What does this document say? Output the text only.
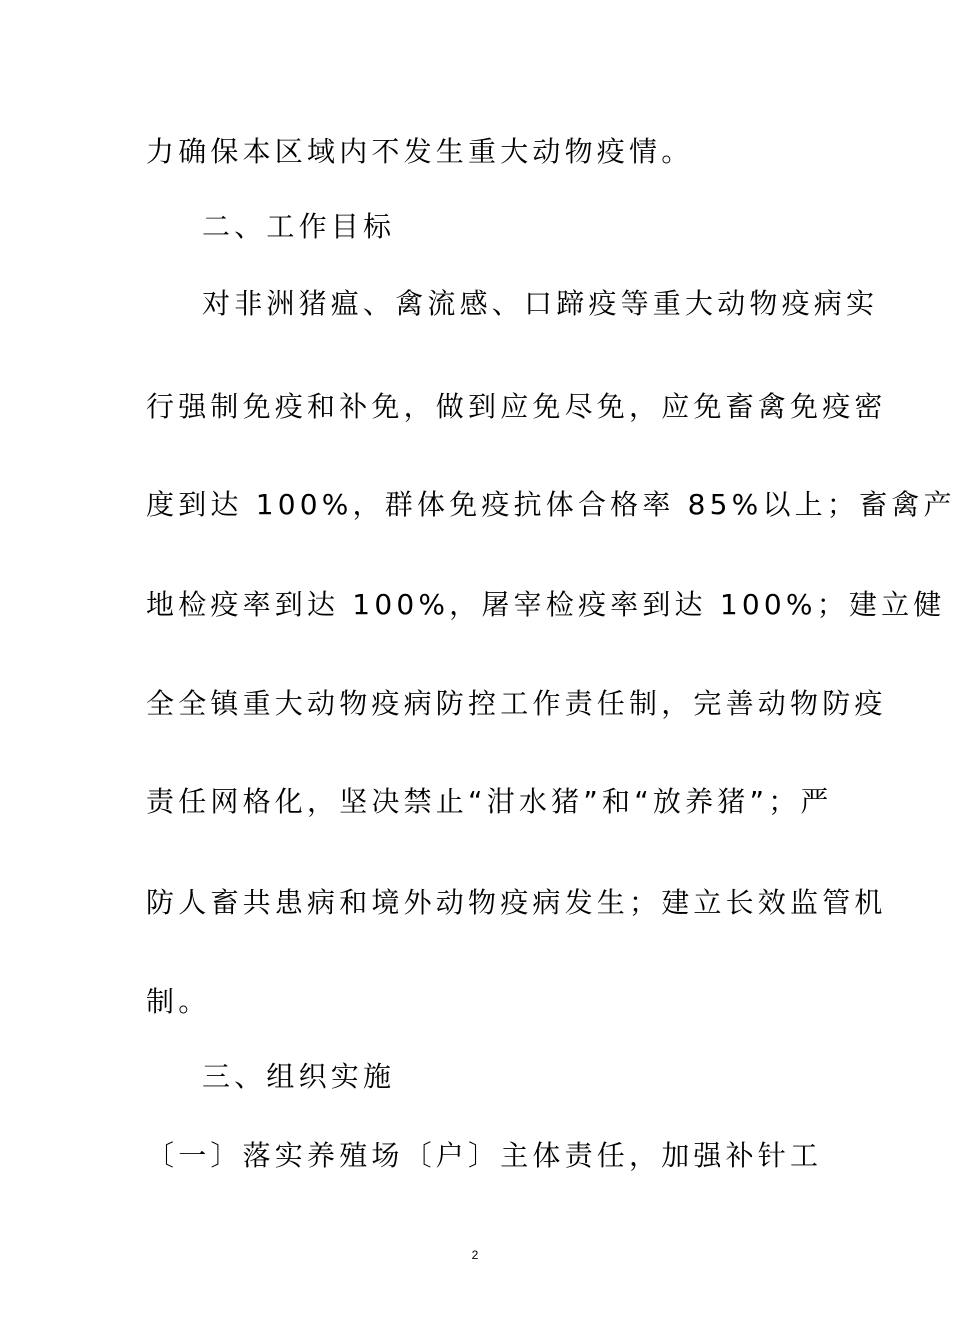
力确保本区域内不发生重大动物疫情。
二、工作目标
对非洲猪瘟、禽流感、口蹄疫等重大动物疫病实
行强制免疫和补免，做到应免尽免，应免畜禽免疫密
度到达 100%，群体免疫抗体合格率 85%以上；畜禽产
地检疫率到达 100%，屠宰检疫率到达 100%；建立健
全全镇重大动物疫病防控工作责任制，完善动物防疫
责任网格化，坚决禁止“泔水猪”和“放养猪”；严
防人畜共患病和境外动物疫病发生；建立长效监管机
制。
三、组织实施
〔一〕落实养殖场〔户〕主体责任，加强补针工
2
